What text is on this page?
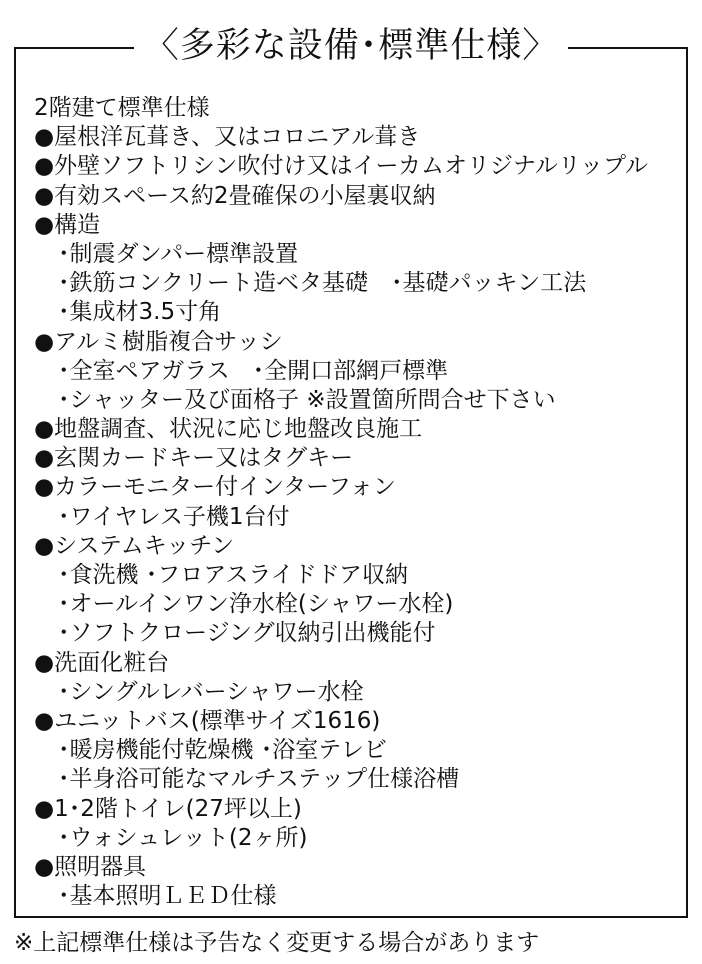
〈多彩な設備･標準仕様〉
2階建て標準仕様
●屋根洋瓦葺き、又はコロニアル葺き
●外壁ソフトリシン吹付け又はイーカムオリジナルリップル
●有効スペース約2畳確保の小屋裏収納
●構造
･制震ダンパー標準設置
･鉄筋コンクリート造ベタ基礎　･基礎パッキン工法
･集成材3.5寸角
●アルミ樹脂複合サッシ
･全室ペアガラス　･全開口部網戸標準
･シャッター及び面格子 ※設置箇所問合せ下さい
●地盤調査、状況に応じ地盤改良施工
●玄関カードキー又はタグキー
●カラーモニター付インターフォン
･ワイヤレス子機1台付
●システムキッチン
･食洗機 ･フロアスライドドア収納
･オールインワン浄水栓(シャワー水栓)
･ソフトクロージング収納引出機能付
●洗面化粧台
･シングルレバーシャワー水栓
●ユニットバス(標準サイズ1616)
･暖房機能付乾燥機 ･浴室テレビ
･半身浴可能なマルチステップ仕様浴槽
●1･2階トイレ(27坪以上)
･ウォシュレット(2ヶ所)
●照明器具
･基本照明ＬＥＤ仕様
※上記標準仕様は予告なく変更する場合があります
